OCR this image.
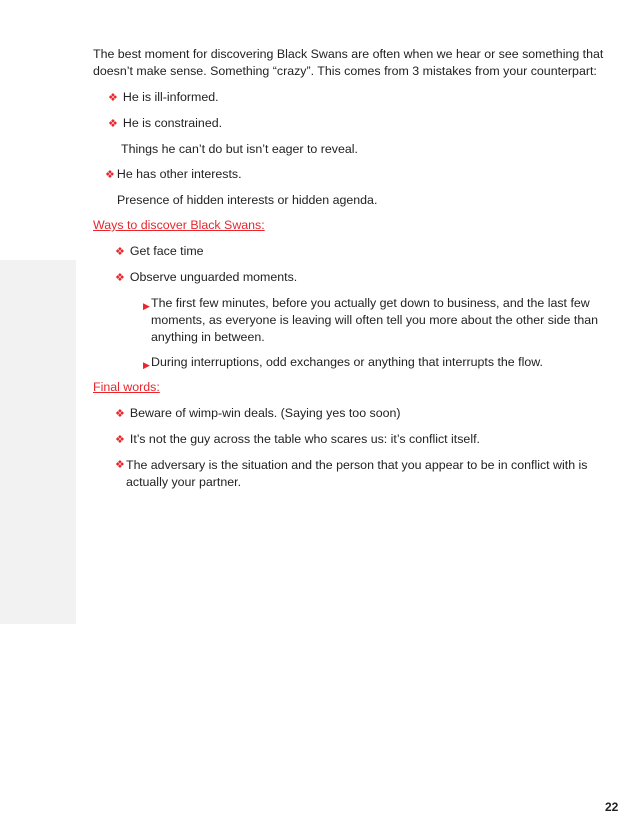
The best moment for discovering Black Swans are often when we hear or see something that
doesn’t make sense. Something “crazy”. This comes from 3 mistakes from your counterpart:
❖ He is ill-informed.
❖ He is constrained.
Things he can’t do but isn’t eager to reveal.
❖ He has other interests.
Presence of hidden interests or hidden agenda.
Ways to discover Black Swans:
❖ Get face time
❖ Observe unguarded moments.
▶ The first few minutes, before you actually get down to business, and the last few
moments, as everyone is leaving will often tell you more about the other side than
anything in between.
▶ During interruptions, odd exchanges or anything that interrupts the flow.
Final words:
❖ Beware of wimp-win deals. (Saying yes too soon)
❖ It’s not the guy across the table who scares us: it’s conflict itself.
❖ The adversary is the situation and the person that you appear to be in conflict with is
actually your partner.
22
